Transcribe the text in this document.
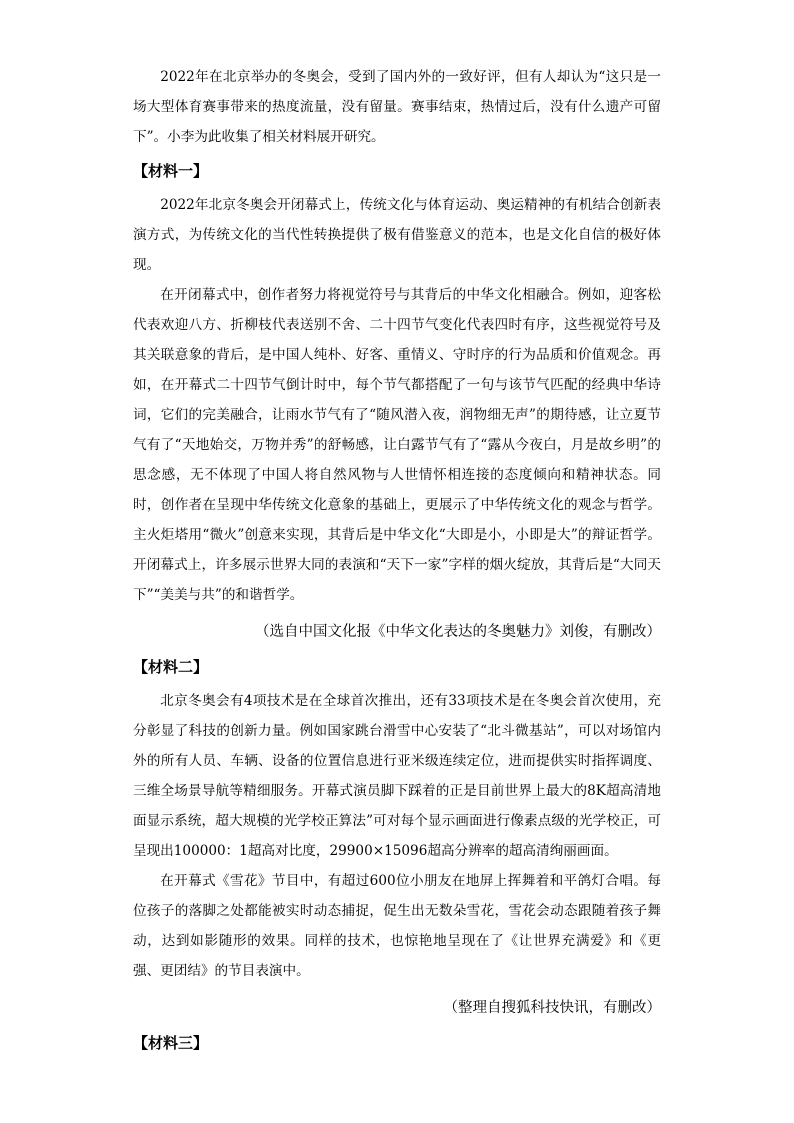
2022年在北京举办的冬奥会，受到了国内外的一致好评，但有人却认为“这只是一场大型体育赛事带来的热度流量，没有留量。赛事结束，热情过后，没有什么遗产可留下”。小李为此收集了相关材料展开研究。

【材料一】

2022年北京冬奥会开闭幕式上，传统文化与体育运动、奥运精神的有机结合创新表演方式，为传统文化的当代性转换提供了极有借鉴意义的范本，也是文化自信的极好体现。

在开闭幕式中，创作者努力将视觉符号与其背后的中华文化相融合。例如，迎客松代表欢迎八方、折柳枝代表送别不舍、二十四节气变化代表四时有序，这些视觉符号及其关联意象的背后，是中国人纯朴、好客、重情义、守时序的行为品质和价值观念。再如，在开幕式二十四节气倒计时中，每个节气都搭配了一句与该节气匹配的经典中华诗词，它们的完美融合，让雨水节气有了“随风潜入夜，润物细无声”的期待感，让立夏节气有了“天地始交，万物并秀”的舒畅感，让白露节气有了“露从今夜白，月是故乡明”的思念感，无不体现了中国人将自然风物与人世情怀相连接的态度倾向和精神状态。同时，创作者在呈现中华传统文化意象的基础上，更展示了中华传统文化的观念与哲学。主火炬塔用“微火”创意来实现，其背后是中华文化“大即是小，小即是大”的辩证哲学。开闭幕式上，许多展示世界大同的表演和“天下一家”字样的烟火绽放，其背后是“大同天下”“美美与共”的和谐哲学。

（选自中国文化报《中华文化表达的冬奥魅力》刘俊，有删改）

【材料二】

北京冬奥会有4项技术是在全球首次推出，还有33项技术是在冬奥会首次使用，充分彰显了科技的创新力量。例如国家跳台滑雪中心安装了“北斗微基站”，可以对场馆内外的所有人员、车辆、设备的位置信息进行亚米级连续定位，进而提供实时指挥调度、三维全场景导航等精细服务。开幕式演员脚下踩着的正是目前世界上最大的8K超高清地面显示系统，超大规模的光学校正算法”可对每个显示画面进行像素点级的光学校正，可呈现出100000：1超高对比度，29900×15096超高分辨率的超高清绚丽画面。

在开幕式《雪花》节目中，有超过600位小朋友在地屏上挥舞着和平鸽灯合唱。每位孩子的落脚之处都能被实时动态捕捉，促生出无数朵雪花，雪花会动态跟随着孩子舞动，达到如影随形的效果。同样的技术，也惊艳地呈现在了《让世界充满爱》和《更强、更团结》的节目表演中。

（整理自搜狐科技快讯，有删改）

【材料三】
